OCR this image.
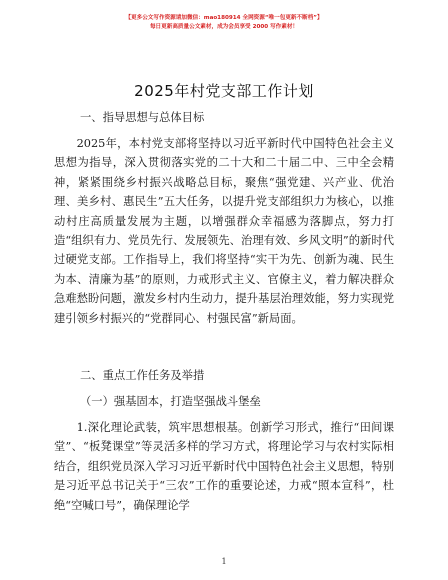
【更多公文写作资源请加微信：mao180914 全网资源“唯一包更新不断档”】
每日更新高质量公文素材，成为会员享受 2000 写作素材！
2025年村党支部工作计划
一、指导思想与总体目标
2025年，本村党支部将坚持以习近平新时代中国特色社会主义思想为指导，深入贯彻落实党的二十大和二十届二中、三中全会精神，紧紧围绕乡村振兴战略总目标，聚焦“强党建、兴产业、优治理、美乡村、惠民生”五大任务，以提升党支部组织力为核心，以推动村庄高质量发展为主题，以增强群众幸福感为落脚点，努力打造“组织有力、党员先行、发展领先、治理有效、乡风文明”的新时代过硬党支部。工作指导上，我们将坚持“实干为先、创新为魂、民生为本、清廉为基”的原则，力戒形式主义、官僚主义，着力解决群众急难愁盼问题，激发乡村内生动力，提升基层治理效能，努力实现党建引领乡村振兴的“党群同心、村强民富”新局面。
二、重点工作任务及举措
（一）强基固本，打造坚强战斗堡垒
1.深化理论武装，筑牢思想根基。创新学习形式，推行“田间课堂”、“板凳课堂”等灵活多样的学习方式，将理论学习与农村实际相结合，组织党员深入学习习近平新时代中国特色社会主义思想，特别是习近平总书记关于“三农”工作的重要论述，力戒“照本宣科”，杜绝“空喊口号”，确保理论学
1
